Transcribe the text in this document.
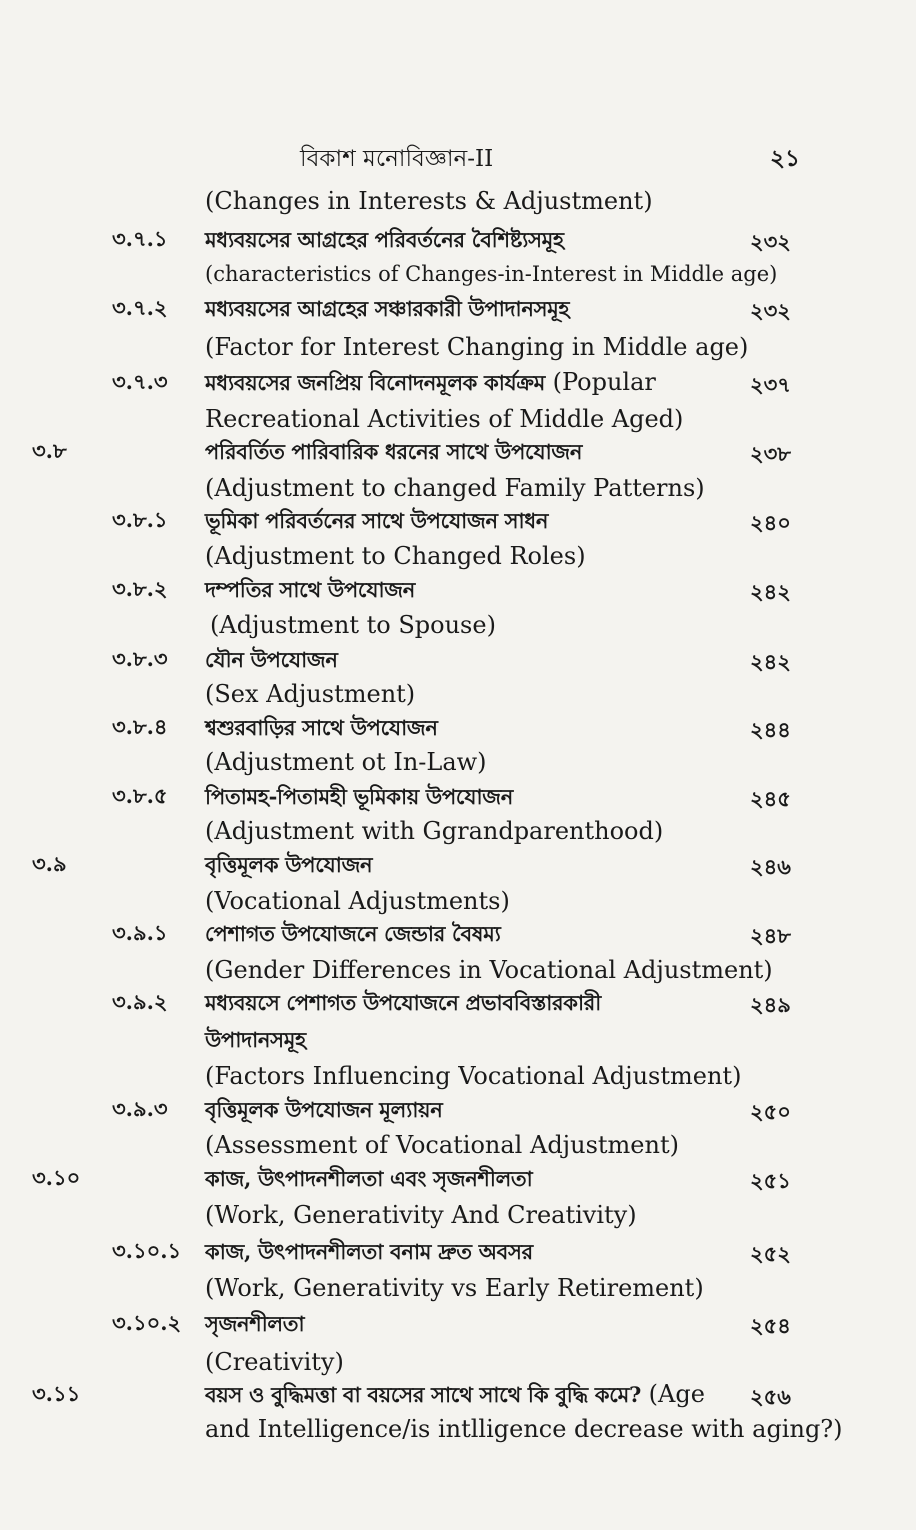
বিকাশ মনোবিজ্ঞান-II	২১
(Changes in Interests & Adjustment)
৩.৭.১ মধ্যবয়সের আগ্রহের পরিবর্তনের বৈশিষ্ট্যসমূহ	২৩২
(characteristics of Changes-in-Interest in Middle age)
৩.৭.২ মধ্যবয়সের আগ্রহের সঞ্চারকারী উপাদানসমূহ	২৩২
(Factor for Interest Changing in Middle age)
৩.৭.৩ মধ্যবয়সের জনপ্রিয় বিনোদনমূলক কার্যক্রম (Popular	২৩৭
Recreational Activities of Middle Aged)
৩.৮	পরিবর্তিত পারিবারিক ধরনের সাথে উপযোজন	২৩৮
(Adjustment to changed Family Patterns)
৩.৮.১ ভূমিকা পরিবর্তনের সাথে উপযোজন সাধন	২৪০
(Adjustment to Changed Roles)
৩.৮.২ দম্পতির সাথে উপযোজন	২৪২
(Adjustment to Spouse)
৩.৮.৩ যৌন উপযোজন	২৪২
(Sex Adjustment)
৩.৮.৪ শ্বশুরবাড়ির সাথে উপযোজন	২৪৪
(Adjustment ot In-Law)
৩.৮.৫ পিতামহ-পিতামহী ভূমিকায় উপযোজন	২৪৫
(Adjustment with Ggrandparenthood)
৩.৯	বৃত্তিমূলক উপযোজন	২৪৬
(Vocational Adjustments)
৩.৯.১ পেশাগত উপযোজনে জেন্ডার বৈষম্য	২৪৮
(Gender Differences in Vocational Adjustment)
৩.৯.২ মধ্যবয়সে পেশাগত উপযোজনে প্রভাববিস্তারকারী	২৪৯
উপাদানসমূহ
(Factors Influencing Vocational Adjustment)
৩.৯.৩ বৃত্তিমূলক উপযোজন মূল্যায়ন	২৫০
(Assessment of Vocational Adjustment)
৩.১০	কাজ, উৎপাদনশীলতা এবং সৃজনশীলতা	২৫১
(Work, Generativity And Creativity)
৩.১০.১ কাজ, উৎপাদনশীলতা বনাম দ্রুত অবসর	২৫২
(Work, Generativity vs Early Retirement)
৩.১০.২ সৃজনশীলতা	২৫৪
(Creativity)
৩.১১	বয়স ও বুদ্ধিমত্তা বা বয়সের সাথে সাথে কি বুদ্ধি কমে? (Age ২৫৬
and Intelligence/is intlligence decrease with aging?)
